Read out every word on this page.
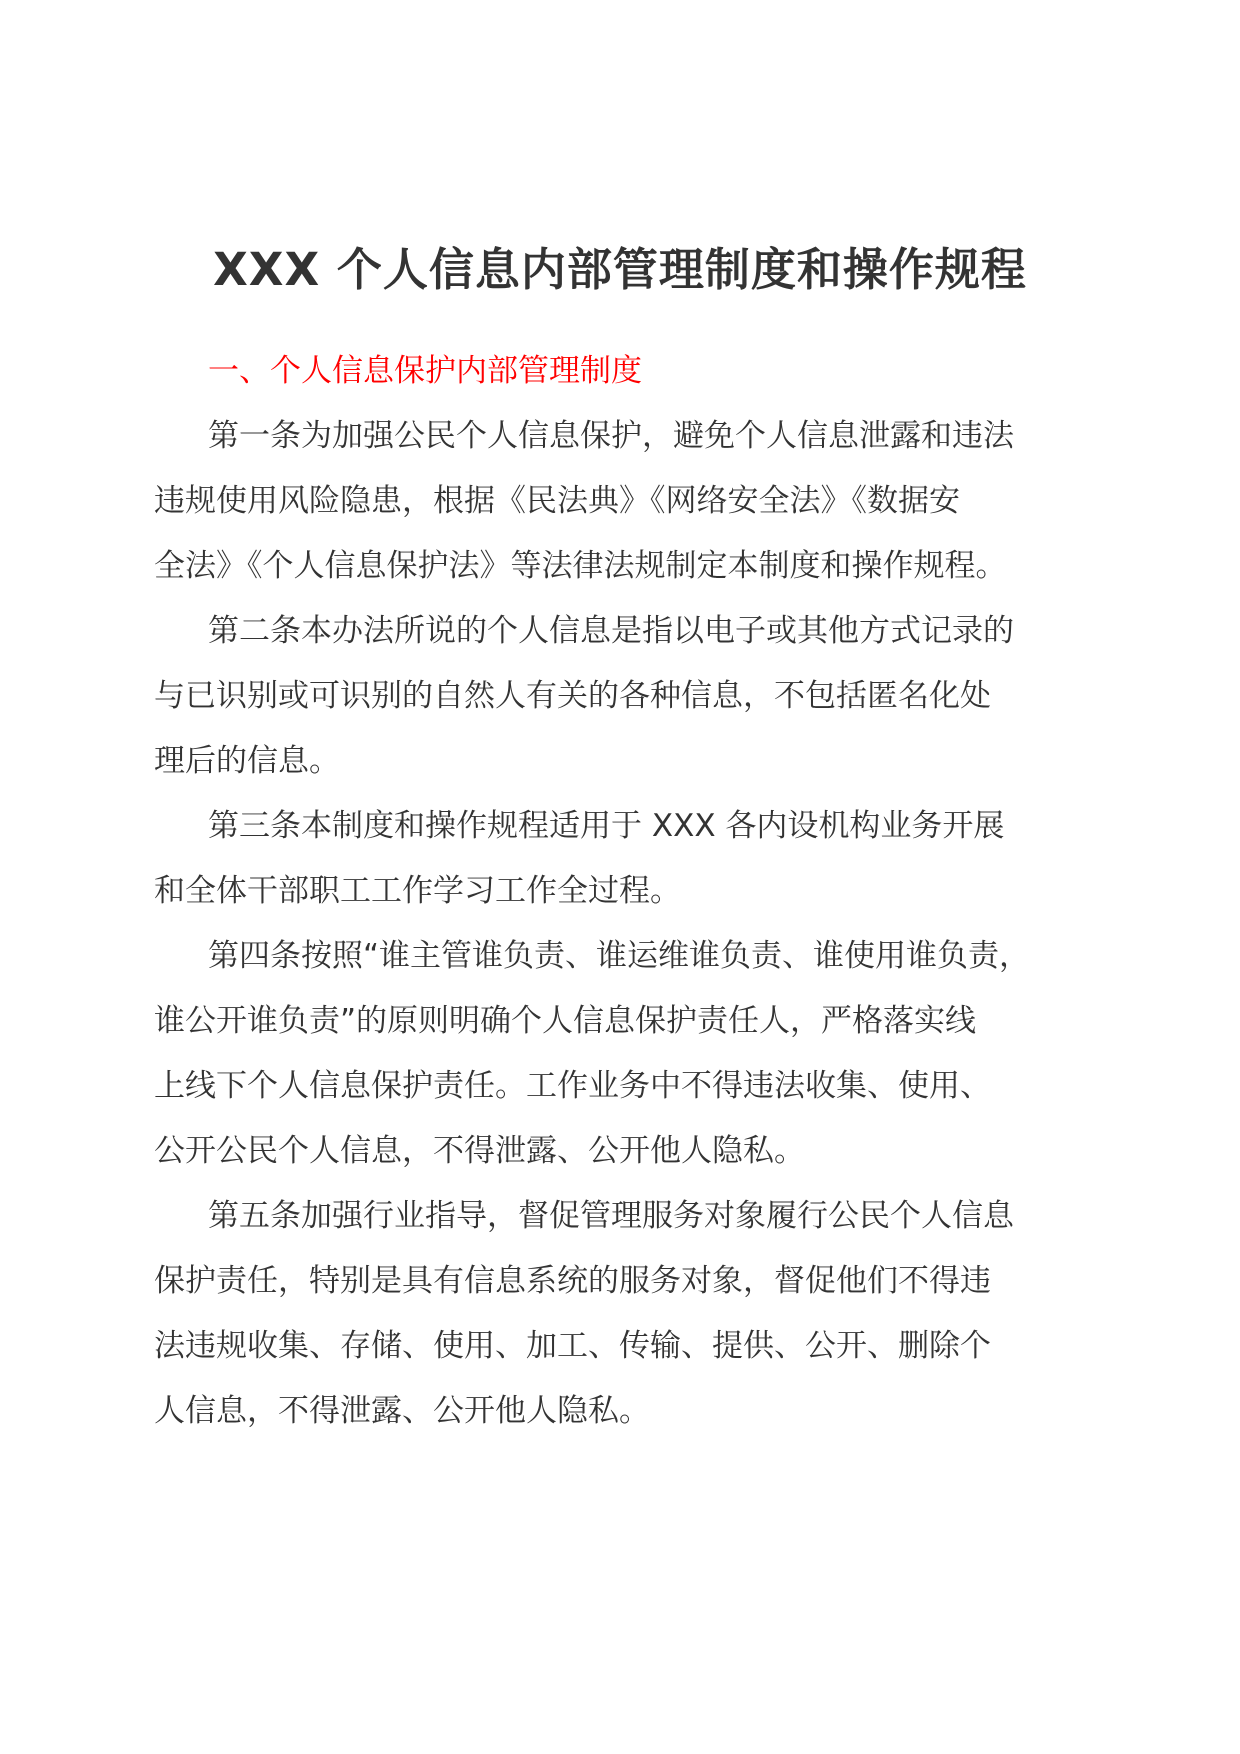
XXX 个人信息内部管理制度和操作规程

一、个人信息保护内部管理制度

第一条为加强公民个人信息保护，避免个人信息泄露和违法

违规使用风险隐患，根据《民法典》《网络安全法》《数据安

全法》《个人信息保护法》等法律法规制定本制度和操作规程。

第二条本办法所说的个人信息是指以电子或其他方式记录的

与已识别或可识别的自然人有关的各种信息，不包括匿名化处

理后的信息。

第三条本制度和操作规程适用于 XXX 各内设机构业务开展

和全体干部职工工作学习工作全过程。

第四条按照“谁主管谁负责、谁运维谁负责、谁使用谁负责，

谁公开谁负责”的原则明确个人信息保护责任人，严格落实线

上线下个人信息保护责任。工作业务中不得违法收集、使用、

公开公民个人信息，不得泄露、公开他人隐私。

第五条加强行业指导，督促管理服务对象履行公民个人信息

保护责任，特别是具有信息系统的服务对象，督促他们不得违

法违规收集、存储、使用、加工、传输、提供、公开、删除个

人信息，不得泄露、公开他人隐私。
